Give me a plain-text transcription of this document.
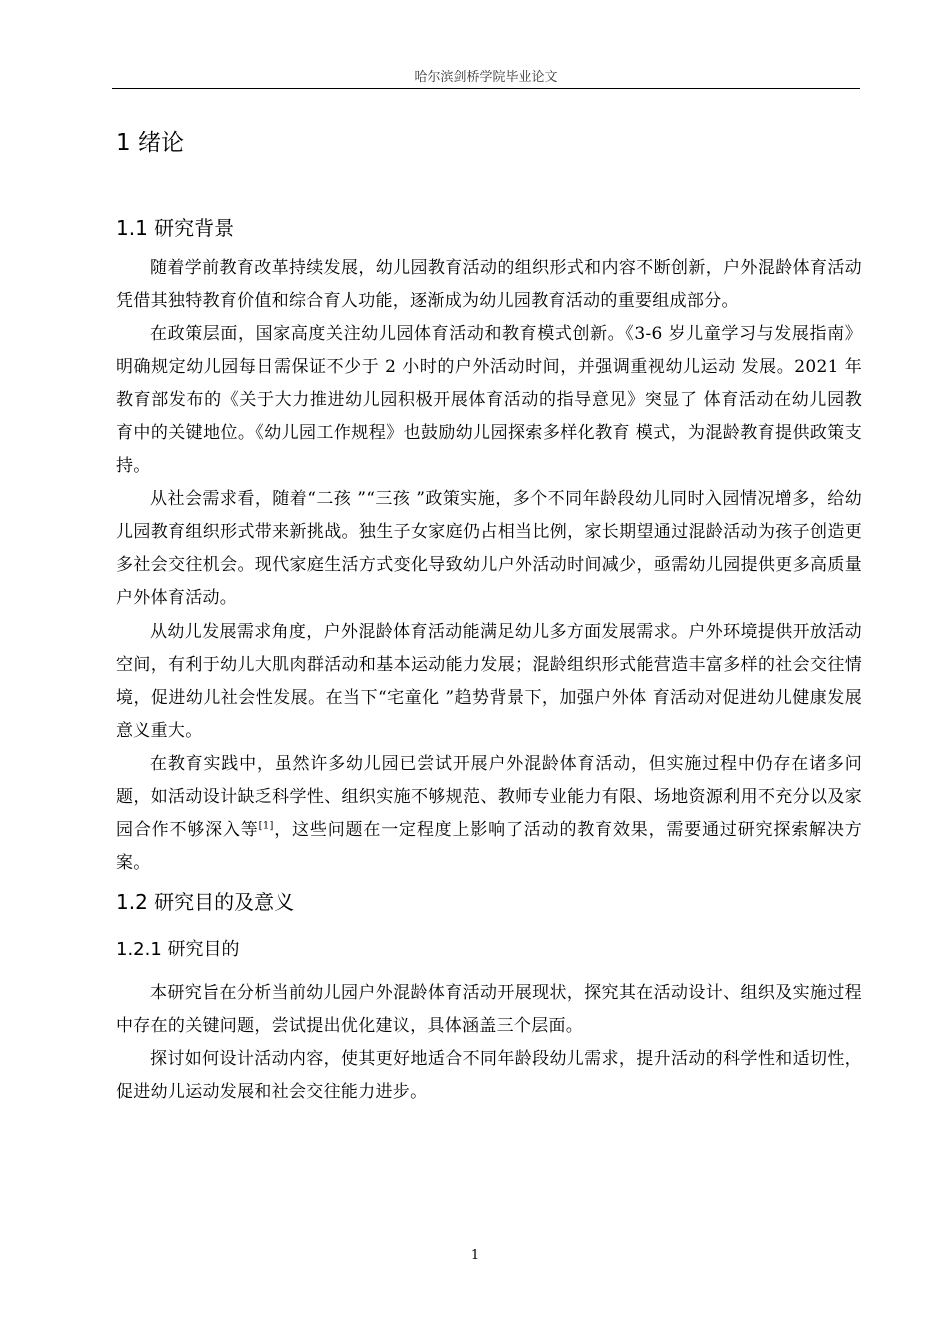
哈尔滨剑桥学院毕业论文
1 绪论
1.1 研究背景

随着学前教育改革持续发展，幼儿园教育活动的组织形式和内容不断创新，户外混龄体育活动凭借其独特教育价值和综合育人功能，逐渐成为幼儿园教育活动的重要组成部分。

在政策层面，国家高度关注幼儿园体育活动和教育模式创新。《3-6 岁儿童学习与发展指南》明确规定幼儿园每日需保证不少于 2 小时的户外活动时间，并强调重视幼儿运动 发展。2021 年教育部发布的《关于大力推进幼儿园积极开展体育活动的指导意见》突显了 体育活动在幼儿园教育中的关键地位。《幼儿园工作规程》也鼓励幼儿园探索多样化教育 模式，为混龄教育提供政策支持。

从社会需求看，随着“二孩 ”“三孩 ”政策实施，多个不同年龄段幼儿同时入园情况增多，给幼儿园教育组织形式带来新挑战。独生子女家庭仍占相当比例，家长期望通过混龄活动为孩子创造更多社会交往机会。现代家庭生活方式变化导致幼儿户外活动时间减少，亟需幼儿园提供更多高质量户外体育活动。

从幼儿发展需求角度，户外混龄体育活动能满足幼儿多方面发展需求。户外环境提供开放活动空间，有利于幼儿大肌肉群活动和基本运动能力发展；混龄组织形式能营造丰富多样的社会交往情境，促进幼儿社会性发展。在当下“宅童化 ”趋势背景下，加强户外体 育活动对促进幼儿健康发展意义重大。

在教育实践中，虽然许多幼儿园已尝试开展户外混龄体育活动，但实施过程中仍存在诸多问题，如活动设计缺乏科学性、组织实施不够规范、教师专业能力有限、场地资源利用不充分以及家园合作不够深入等[1]，这些问题在一定程度上影响了活动的教育效果，需要通过研究探索解决方案。

1.2 研究目的及意义
1.2.1 研究目的

本研究旨在分析当前幼儿园户外混龄体育活动开展现状，探究其在活动设计、组织及实施过程中存在的关键问题，尝试提出优化建议，具体涵盖三个层面。

探讨如何设计活动内容，使其更好地适合不同年龄段幼儿需求，提升活动的科学性和适切性，促进幼儿运动发展和社会交往能力进步。

1
